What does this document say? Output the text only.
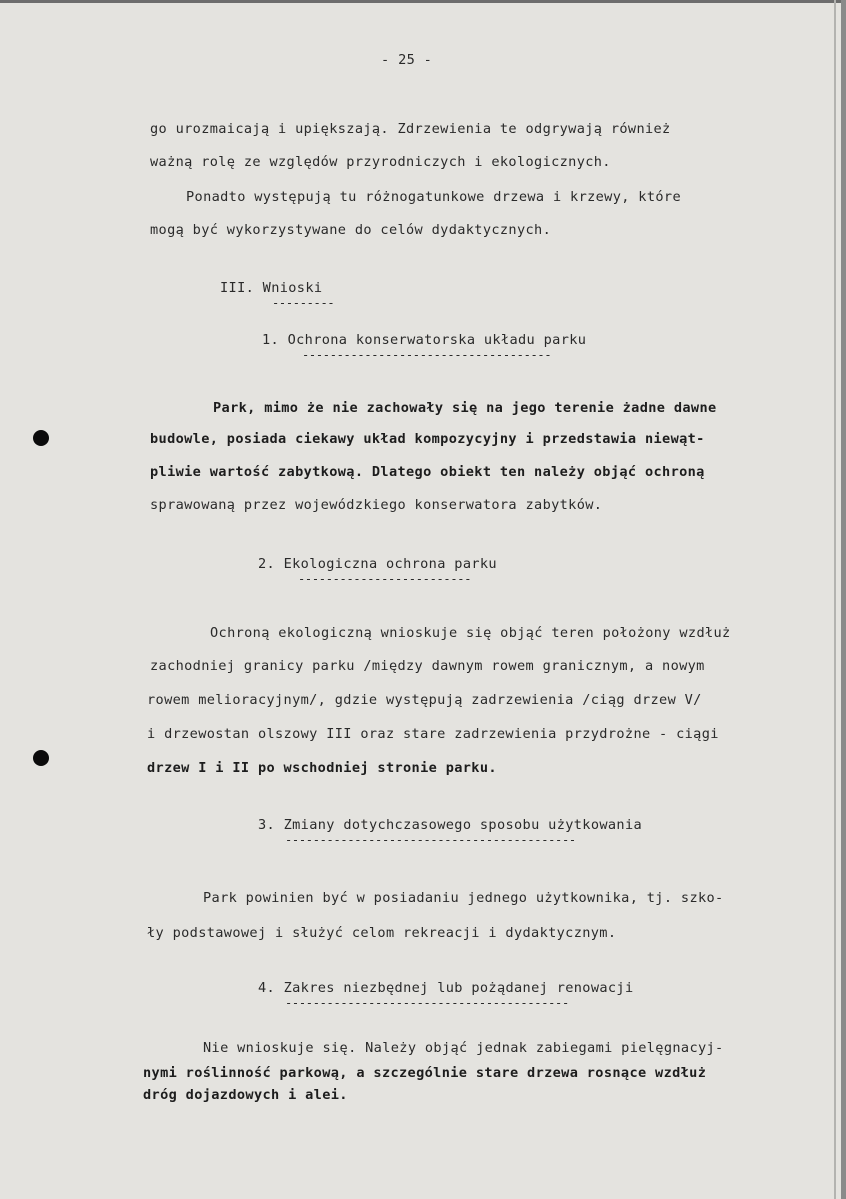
- 25 -
go urozmaicają i upiększają. Zdrzewienia te odgrywają również
ważną rolę ze względów przyrodniczych i ekologicznych.
Ponadto występują tu różnogatunkowe drzewa i krzewy, które
mogą być wykorzystywane do celów dydaktycznych.
III. Wnioski
---------
1. Ochrona konserwatorska układu parku
------------------------------------
Park, mimo że nie zachowały się na jego terenie żadne dawne
budowle, posiada ciekawy układ kompozycyjny i przedstawia niewąt-
pliwie wartość zabytkową. Dlatego obiekt ten należy objąć ochroną
sprawowaną przez wojewódzkiego konserwatora zabytków.
2. Ekologiczna ochrona parku
-------------------------
Ochroną ekologiczną wnioskuje się objąć teren położony wzdłuż
zachodniej granicy parku /między dawnym rowem granicznym, a nowym
rowem melioracyjnym/, gdzie występują zadrzewienia /ciąg drzew V/
i drzewostan olszowy III oraz stare zadrzewienia przydrożne - ciągi
drzew I i II po wschodniej stronie parku.
3. Zmiany dotychczasowego sposobu użytkowania
------------------------------------------
Park powinien być w posiadaniu jednego użytkownika, tj. szko-
ły podstawowej i służyć celom rekreacji i dydaktycznym.
4. Zakres niezbędnej lub pożądanej renowacji
-----------------------------------------
Nie wnioskuje się. Należy objąć jednak zabiegami pielęgnacyj-
nymi roślinność parkową, a szczególnie stare drzewa rosnące wzdłuż
dróg dojazdowych i alei.
